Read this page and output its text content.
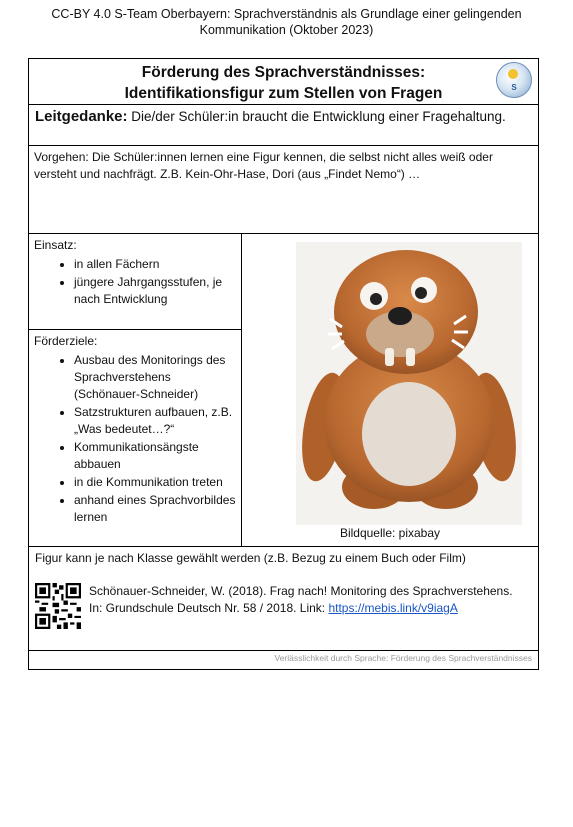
CC-BY 4.0 S-Team Oberbayern: Sprachverständnis als Grundlage einer gelingenden
Kommunikation (Oktober 2023)
Förderung des Sprachverständnisses:
Identifikationsfigur zum Stellen von Fragen	S
Leitgedanke: Die/der Schüler:in braucht die Entwicklung einer Fragehaltung.
Vorgehen: Die Schüler:innen lernen eine Figur kennen, die selbst nicht alles weiß oder versteht und nachfrägt. Z.B. Kein-Ohr-Hase, Dori (aus „Findet Nemo“) …
Einsatz:
• in allen Fächern
• jüngere Jahrgangsstufen, je nach Entwicklung
Förderziele:
• Ausbau des Monitorings des Sprachverstehens (Schönauer-Schneider)
• Satzstrukturen aufbauen, z.B. „Was bedeutet…?“
• Kommunikationsängste abbauen
• in die Kommunikation treten
• anhand eines Sprachvorbildes lernen
Bildquelle: pixabay
Figur kann je nach Klasse gewählt werden (z.B. Bezug zu einem Buch oder Film)
Schönauer-Schneider, W. (2018). Frag nach! Monitoring des Sprachverstehens.
In: Grundschule Deutsch Nr. 58 / 2018. Link: https://mebis.link/v9iagA
Verlässlichkeit durch Sprache: Förderung des Sprachverständnisses
